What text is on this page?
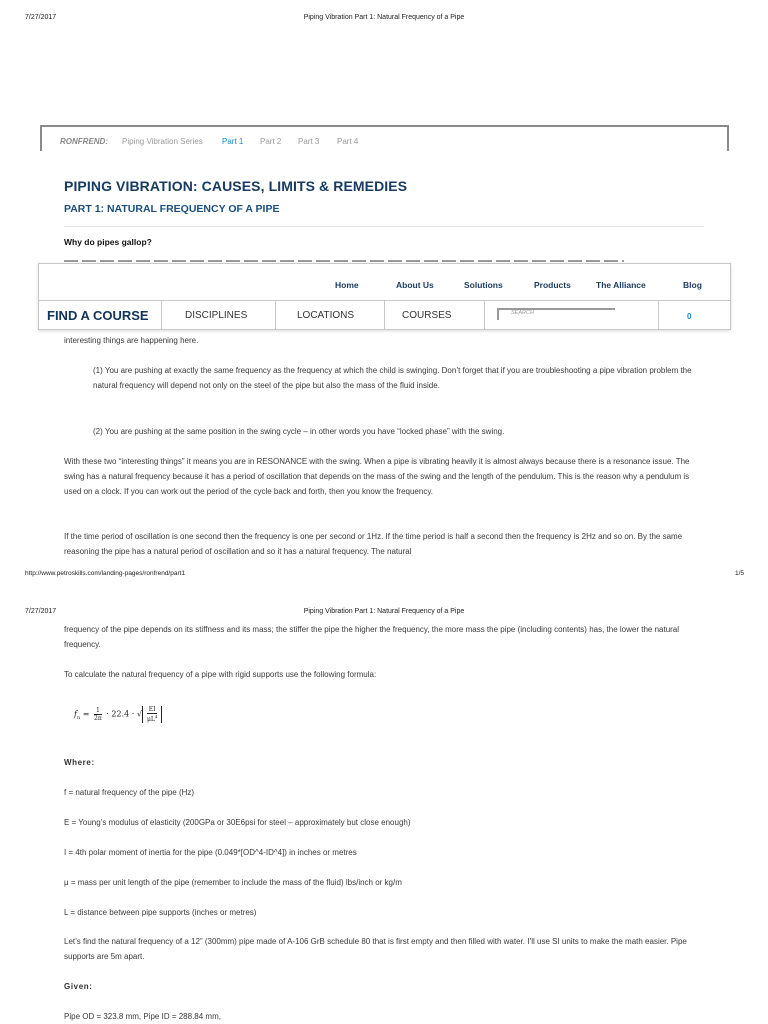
7/27/2017	Piping Vibration Part 1: Natural Frequency of a Pipe
RONFREND: Piping Vibration Series Part 1 Part 2 Part 3 Part 4
PIPING VIBRATION: CAUSES, LIMITS & REMEDIES
PART 1: NATURAL FREQUENCY OF A PIPE
Why do pipes gallop?
Home	About Us	Solutions	Products	The Alliance	Blog
FIND A COURSE	DISCIPLINES	LOCATIONS	COURSES	SEARCH	0
interesting things are happening here.
(1) You are pushing at exactly the same frequency as the frequency at which the child is swinging. Don’t forget that if you are troubleshooting a pipe vibration problem the natural frequency will depend not only on the steel of the pipe but also the mass of the fluid inside.
(2) You are pushing at the same position in the swing cycle – in other words you have “locked phase” with the swing.
With these two “interesting things” it means you are in RESONANCE with the swing. When a pipe is vibrating heavily it is almost always because there is a resonance issue. The swing has a natural frequency because it has a period of oscillation that depends on the mass of the swing and the length of the pendulum. This is the reason why a pendulum is used on a clock. If you can work out the period of the cycle back and forth, then you know the frequency.
If the time period of oscillation is one second then the frequency is one per second or 1Hz. If the time period is half a second then the frequency is 2Hz and so on. By the same reasoning the pipe has a natural period of oscillation and so it has a natural frequency. The natural
http://www.petroskills.com/landing-pages/ronfrend/part1	1/5
7/27/2017	Piping Vibration Part 1: Natural Frequency of a Pipe
frequency of the pipe depends on its stiffness and its mass; the stiffer the pipe the higher the frequency, the more mass the pipe (including contents) has, the lower the natural frequency.
To calculate the natural frequency of a pipe with rigid supports use the following formula:
$f_n = \frac{1}{2\pi} \cdot 22.4$ · √ $\frac{EI}{\mu L^4}$
Where:
f = natural frequency of the pipe (Hz)
E = Young’s modulus of elasticity (200GPa or 30E6psi for steel – approximately but close enough)
I = 4th polar moment of inertia for the pipe (0.049*[OD^4-ID^4]) in inches or metres
μ = mass per unit length of the pipe (remember to include the mass of the fluid) lbs/inch or kg/m
L = distance between pipe supports (inches or metres)
Let’s find the natural frequency of a 12” (300mm) pipe made of A-106 GrB schedule 80 that is first empty and then filled with water. I’ll use SI units to make the math easier. Pipe supports are 5m apart.
Given:
Pipe OD = 323.8 mm, Pipe ID = 288.84 mm,
